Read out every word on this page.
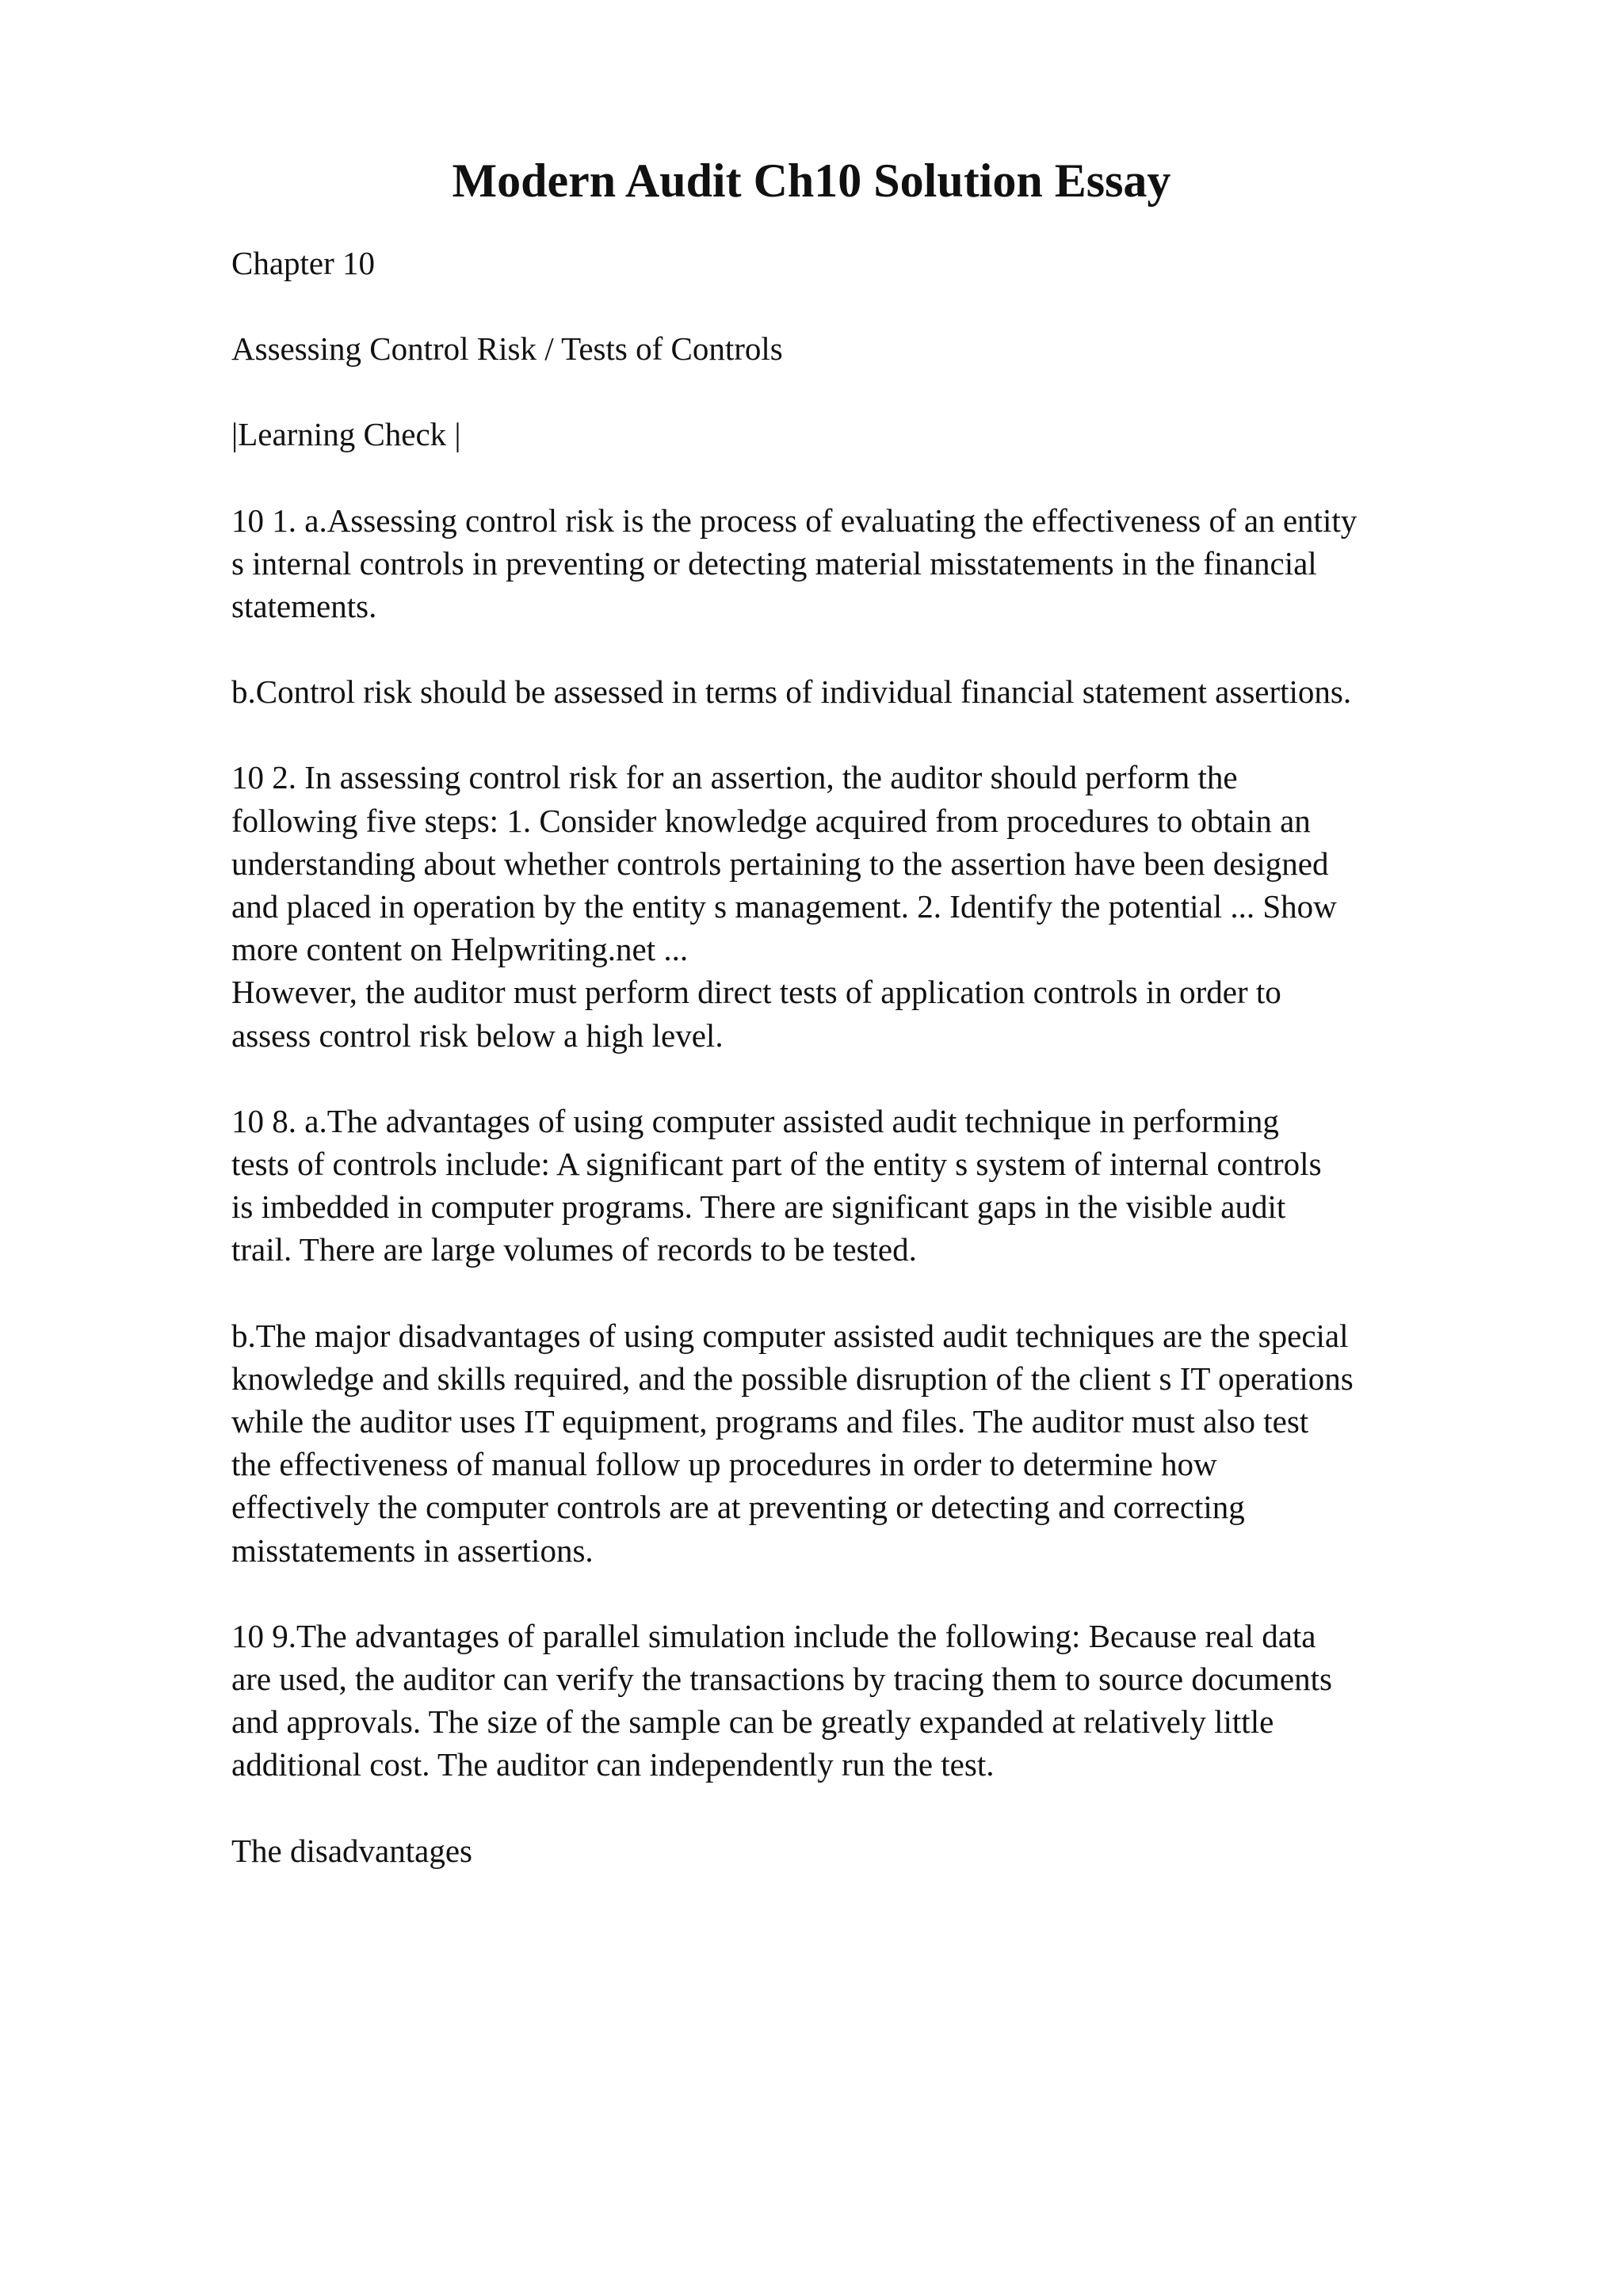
Modern Audit Ch10 Solution Essay

Chapter 10

Assessing Control Risk / Tests of Controls

|Learning Check |

10 1. a.Assessing control risk is the process of evaluating the effectiveness of an entity
s internal controls in preventing or detecting material misstatements in the financial
statements.

b.Control risk should be assessed in terms of individual financial statement assertions.

10 2. In assessing control risk for an assertion, the auditor should perform the
following five steps: 1. Consider knowledge acquired from procedures to obtain an
understanding about whether controls pertaining to the assertion have been designed
and placed in operation by the entity s management. 2. Identify the potential ... Show
more content on Helpwriting.net ...

However, the auditor must perform direct tests of application controls in order to
assess control risk below a high level.

10 8. a.The advantages of using computer assisted audit technique in performing
tests of controls include: A significant part of the entity s system of internal controls
is imbedded in computer programs. There are significant gaps in the visible audit
trail. There are large volumes of records to be tested.

b.The major disadvantages of using computer assisted audit techniques are the special
knowledge and skills required, and the possible disruption of the client s IT operations
while the auditor uses IT equipment, programs and files. The auditor must also test
the effectiveness of manual follow up procedures in order to determine how
effectively the computer controls are at preventing or detecting and correcting
misstatements in assertions.

10 9.The advantages of parallel simulation include the following: Because real data
are used, the auditor can verify the transactions by tracing them to source documents
and approvals. The size of the sample can be greatly expanded at relatively little
additional cost. The auditor can independently run the test.

The disadvantages
